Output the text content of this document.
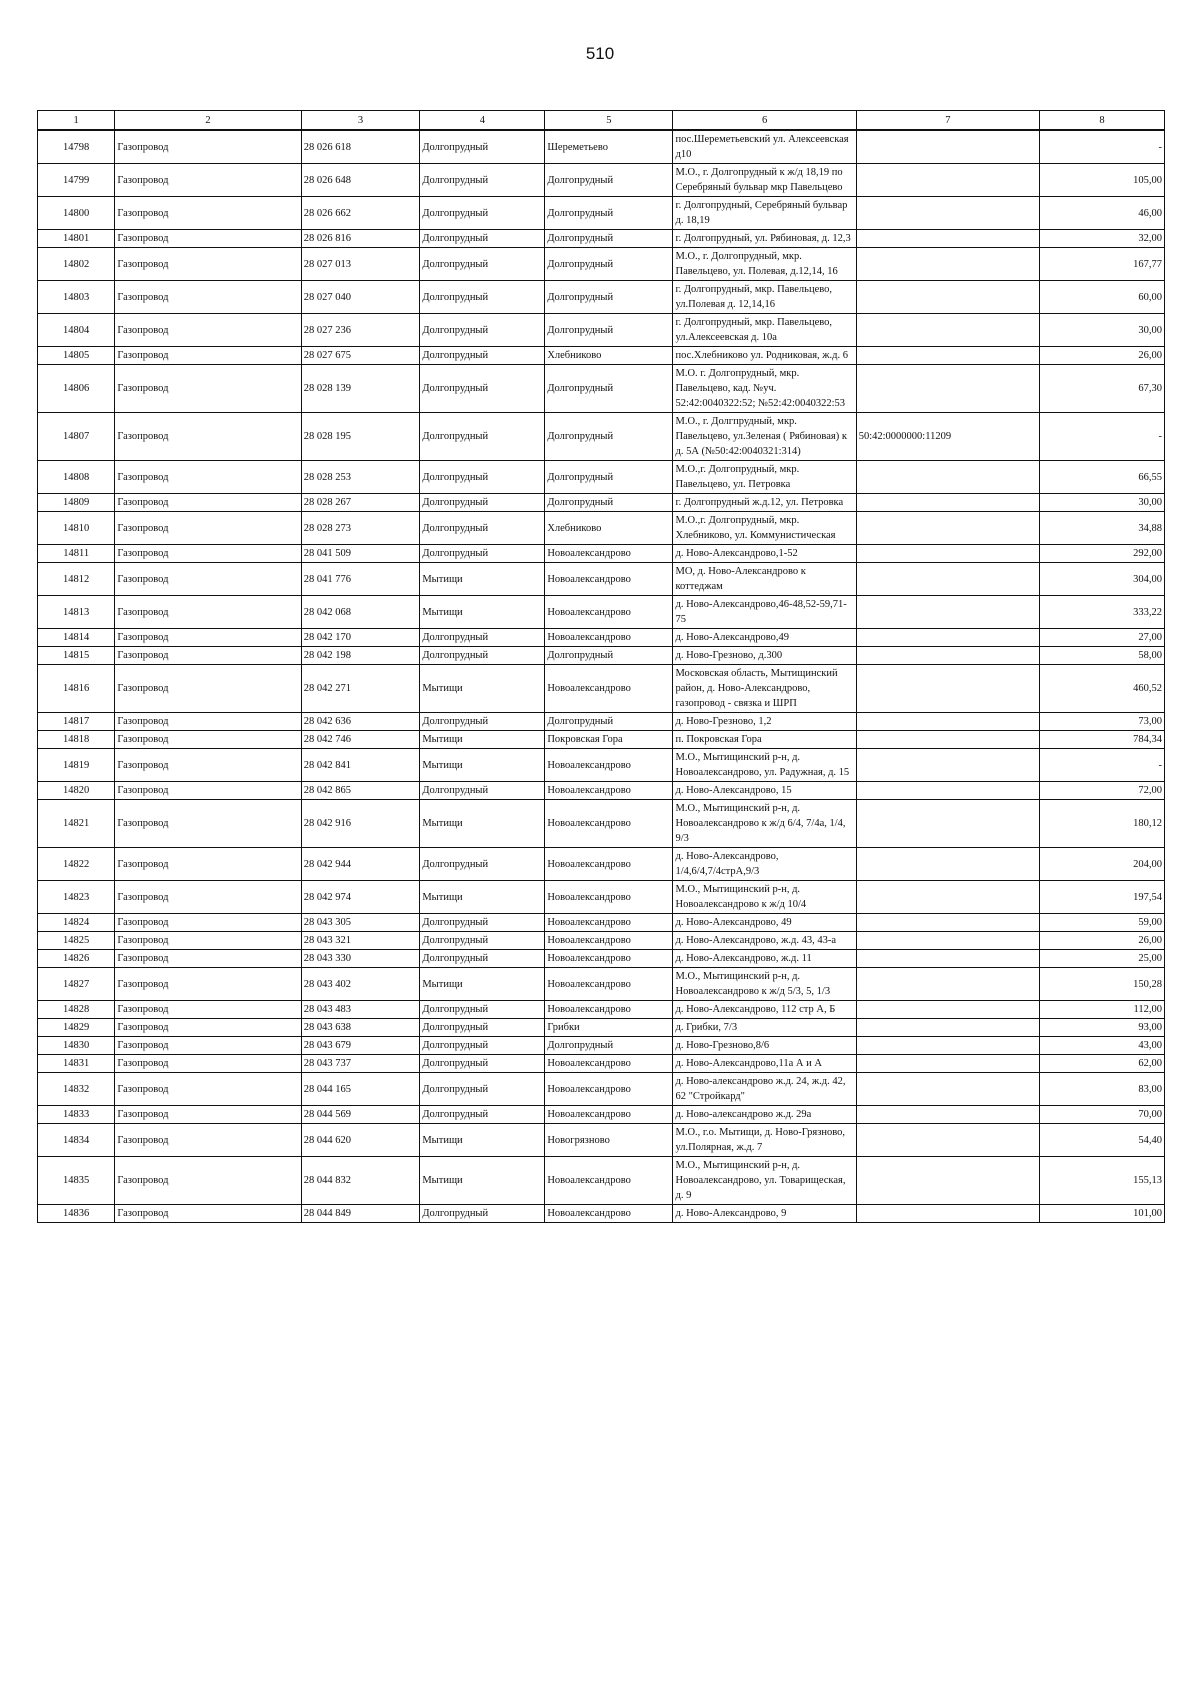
510
1	2	3	4	5	6	7	8
14798	Газопровод	28 026 618	Долгопрудный	Шереметьево	пос.Шереметьевский ул. Алексеевская д10		-
14799	Газопровод	28 026 648	Долгопрудный	Долгопрудный	М.О., г. Долгопрудный к ж/д 18,19 по Серебряный бульвар мкр Павельцево		105,00
14800	Газопровод	28 026 662	Долгопрудный	Долгопрудный	г. Долгопрудный, Серебряный бульвар д. 18,19		46,00
14801	Газопровод	28 026 816	Долгопрудный	Долгопрудный	г. Долгопрудный, ул. Рябиновая, д. 12,3		32,00
14802	Газопровод	28 027 013	Долгопрудный	Долгопрудный	М.О., г. Долгопрудный, мкр. Павельцево, ул. Полевая, д.12,14, 16		167,77
14803	Газопровод	28 027 040	Долгопрудный	Долгопрудный	г. Долгопрудный, мкр. Павельцево, ул.Полевая д. 12,14,16		60,00
14804	Газопровод	28 027 236	Долгопрудный	Долгопрудный	г. Долгопрудный, мкр. Павельцево, ул.Алексеевская д. 10а		30,00
14805	Газопровод	28 027 675	Долгопрудный	Хлебниково	пос.Хлебниково ул. Родниковая, ж.д. 6		26,00
14806	Газопровод	28 028 139	Долгопрудный	Долгопрудный	М.О. г. Долгопрудный, мкр. Павельцево, кад. №уч. 52:42:0040322:52; №52:42:0040322:53		67,30
14807	Газопровод	28 028 195	Долгопрудный	Долгопрудный	М.О., г. Долгпрудный, мкр. Павельцево, ул.Зеленая ( Рябиновая) к д. 5А (№50:42:0040321:314)	50:42:0000000:11209	-
14808	Газопровод	28 028 253	Долгопрудный	Долгопрудный	М.О.,г. Долгопрудный, мкр. Павельцево, ул. Петровка		66,55
14809	Газопровод	28 028 267	Долгопрудный	Долгопрудный	г. Долгопрудный ж.д.12, ул. Петровка		30,00
14810	Газопровод	28 028 273	Долгопрудный	Хлебниково	М.О.,г. Долгопрудный, мкр. Хлебниково, ул. Коммунистическая		34,88
14811	Газопровод	28 041 509	Долгопрудный	Новоалександрово	д. Ново-Александрово,1-52		292,00
14812	Газопровод	28 041 776	Мытищи	Новоалександрово	МО, д. Ново-Александрово к коттеджам		304,00
14813	Газопровод	28 042 068	Мытищи	Новоалександрово	д. Ново-Александрово,46-48,52-59,71-75		333,22
14814	Газопровод	28 042 170	Долгопрудный	Новоалександрово	д. Ново-Александрово,49		27,00
14815	Газопровод	28 042 198	Долгопрудный	Долгопрудный	д. Ново-Грезново, д.300		58,00
14816	Газопровод	28 042 271	Мытищи	Новоалександрово	Московская область, Мытищинский район, д. Ново-Александрово, газопровод - связка и ШРП		460,52
14817	Газопровод	28 042 636	Долгопрудный	Долгопрудный	д. Ново-Грезново, 1,2		73,00
14818	Газопровод	28 042 746	Мытищи	Покровская Гора	п. Покровская Гора		784,34
14819	Газопровод	28 042 841	Мытищи	Новоалександрово	М.О., Мытищинский р-н, д. Новоалександрово, ул. Радужная, д. 15		-
14820	Газопровод	28 042 865	Долгопрудный	Новоалександрово	д. Ново-Александрово, 15		72,00
14821	Газопровод	28 042 916	Мытищи	Новоалександрово	М.О., Мытищинский р-н, д. Новоалександрово к ж/д 6/4, 7/4а, 1/4, 9/3		180,12
14822	Газопровод	28 042 944	Долгопрудный	Новоалександрово	д. Ново-Александрово, 1/4,6/4,7/4стрА,9/3		204,00
14823	Газопровод	28 042 974	Мытищи	Новоалександрово	М.О., Мытищинский р-н, д. Новоалександрово к ж/д 10/4		197,54
14824	Газопровод	28 043 305	Долгопрудный	Новоалександрово	д. Ново-Александрово, 49		59,00
14825	Газопровод	28 043 321	Долгопрудный	Новоалександрово	д. Ново-Александрово, ж.д. 43, 43-а		26,00
14826	Газопровод	28 043 330	Долгопрудный	Новоалександрово	д. Ново-Александрово, ж.д. 11		25,00
14827	Газопровод	28 043 402	Мытищи	Новоалександрово	М.О., Мытищинский р-н, д. Новоалександрово к ж/д 5/3, 5, 1/3		150,28
14828	Газопровод	28 043 483	Долгопрудный	Новоалександрово	д. Ново-Александрово, 112 стр А, Б		112,00
14829	Газопровод	28 043 638	Долгопрудный	Грибки	д. Грибки, 7/3		93,00
14830	Газопровод	28 043 679	Долгопрудный	Долгопрудный	д. Ново-Грезново,8/6		43,00
14831	Газопровод	28 043 737	Долгопрудный	Новоалександрово	д. Ново-Александрово,11а А и А		62,00
14832	Газопровод	28 044 165	Долгопрудный	Новоалександрово	д. Ново-александрово ж.д. 24, ж.д. 42, 62 "Стройкард"		83,00
14833	Газопровод	28 044 569	Долгопрудный	Новоалександрово	д. Ново-александрово ж.д. 29а		70,00
14834	Газопровод	28 044 620	Мытищи	Новогрязново	М.О., г.о. Мытищи, д. Ново-Грязново, ул.Полярная, ж.д. 7		54,40
14835	Газопровод	28 044 832	Мытищи	Новоалександрово	М.О., Мытищинский р-н, д. Новоалександрово, ул. Товарищеская, д. 9		155,13
14836	Газопровод	28 044 849	Долгопрудный	Новоалександрово	д. Ново-Александрово, 9		101,00
